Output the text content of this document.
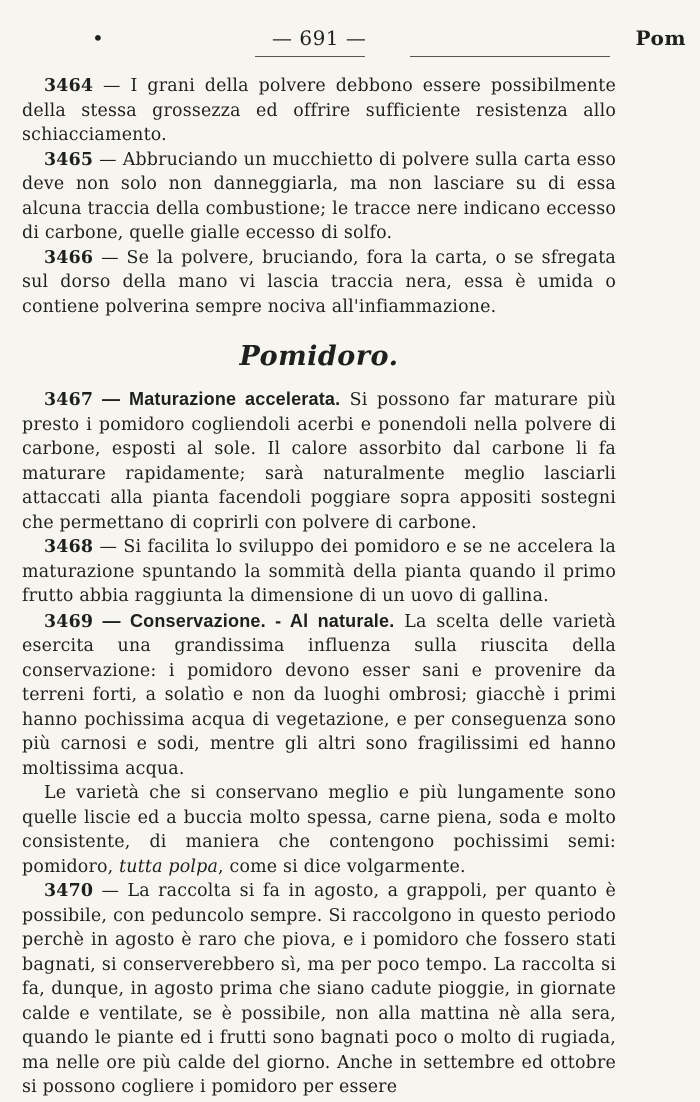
•	— 691 —	Pom

3464 — I grani della polvere debbono essere possibilmente della stessa grossezza ed offrire sufficiente resistenza allo schiacciamento.

3465 — Abbruciando un mucchietto di polvere sulla carta esso deve non solo non danneggiarla, ma non lasciare su di essa alcuna traccia della combustione; le tracce nere indicano eccesso di carbone, quelle gialle eccesso di solfo.

3466 — Se la polvere, bruciando, fora la carta, o se sfregata sul dorso della mano vi lascia traccia nera, essa è umida o contiene polverina sempre nociva all'infiammazione.

Pomidoro.

3467 — Maturazione accelerata. Si possono far maturare più presto i pomidoro cogliendoli acerbi e ponendoli nella polvere di carbone, esposti al sole. Il calore assorbito dal carbone li fa maturare rapidamente; sarà naturalmente meglio lasciarli attaccati alla pianta facendoli poggiare sopra appositi sostegni che permettano di coprirli con polvere di carbone.

3468 — Si facilita lo sviluppo dei pomidoro e se ne accelera la maturazione spuntando la sommità della pianta quando il primo frutto abbia raggiunta la dimensione di un uovo di gallina.

3469 — Conservazione. - Al naturale. La scelta delle varietà esercita una grandissima influenza sulla riuscita della conservazione: i pomidoro devono esser sani e provenire da terreni forti, a solatìo e non da luoghi ombrosi; giacchè i primi hanno pochissima acqua di vegetazione, e per conseguenza sono più carnosi e sodi, mentre gli altri sono fragilissimi ed hanno moltissima acqua.

Le varietà che si conservano meglio e più lungamente sono quelle liscie ed a buccia molto spessa, carne piena, soda e molto consistente, di maniera che contengono pochissimi semi: pomidoro, tutta polpa, come si dice volgarmente.

3470 — La raccolta si fa in agosto, a grappoli, per quanto è possibile, con peduncolo sempre. Si raccolgono in questo periodo perchè in agosto è raro che piova, e i pomidoro che fossero stati bagnati, si conserverebbero sì, ma per poco tempo. La raccolta si fa, dunque, in agosto prima che siano cadute pioggie, in giornate calde e ventilate, se è possibile, non alla mattina nè alla sera, quando le piante ed i frutti sono bagnati poco o molto di rugiada, ma nelle ore più calde del giorno. Anche in settembre ed ottobre si possono cogliere i pomidoro per essere
